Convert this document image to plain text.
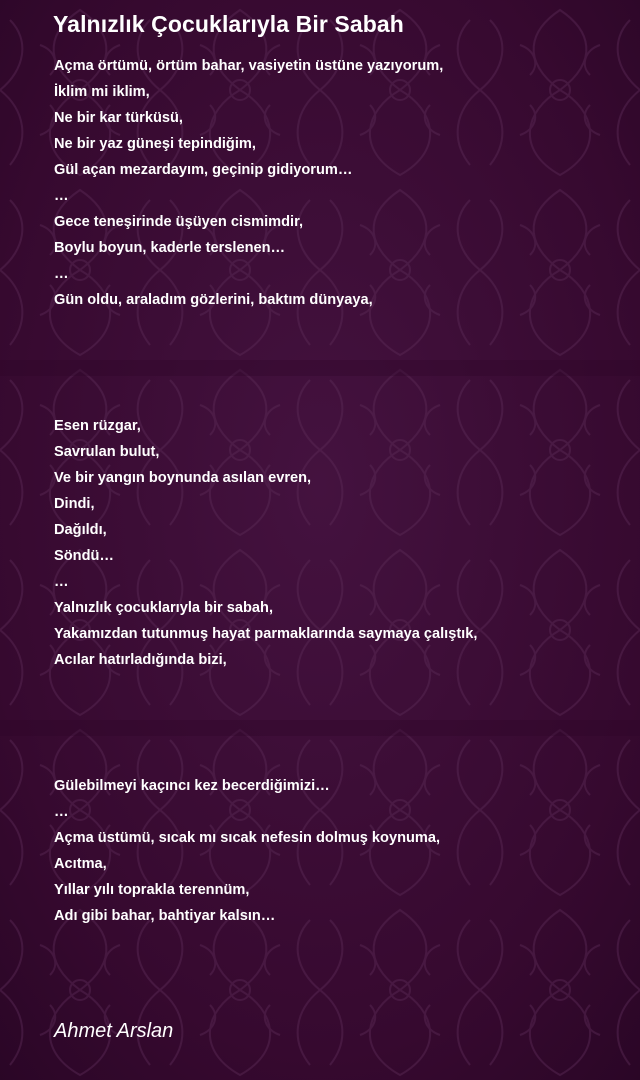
Yalnızlık Çocuklarıyla Bir Sabah
Açma örtümü, örtüm bahar, vasiyetin üstüne yazıyorum,
İklim mi iklim,
Ne bir kar türküsü,
Ne bir yaz güneşi tepindiğim,
Gül açan mezardayım, geçinip gidiyorum…
…
Gece teneşirinde üşüyen cismimdir,
Boylu boyun, kaderle terslenen…
…
Gün oldu, araladım gözlerini, baktım dünyaya,
Esen rüzgar,
Savrulan bulut,
Ve bir yangın boynunda asılan evren,
Dindi,
Dağıldı,
Söndü…
…
Yalnızlık çocuklarıyla bir sabah,
Yakamızdan tutunmuş hayat parmaklarında saymaya çalıştık,
Acılar hatırladığında bizi,
Gülebilmeyi kaçıncı kez becerdiğimizi…
…
Açma üstümü, sıcak mı sıcak nefesin dolmuş koynuma,
Acıtma,
Yıllar yılı toprakla terennüm,
Adı gibi bahar, bahtiyar kalsın…
Ahmet Arslan
